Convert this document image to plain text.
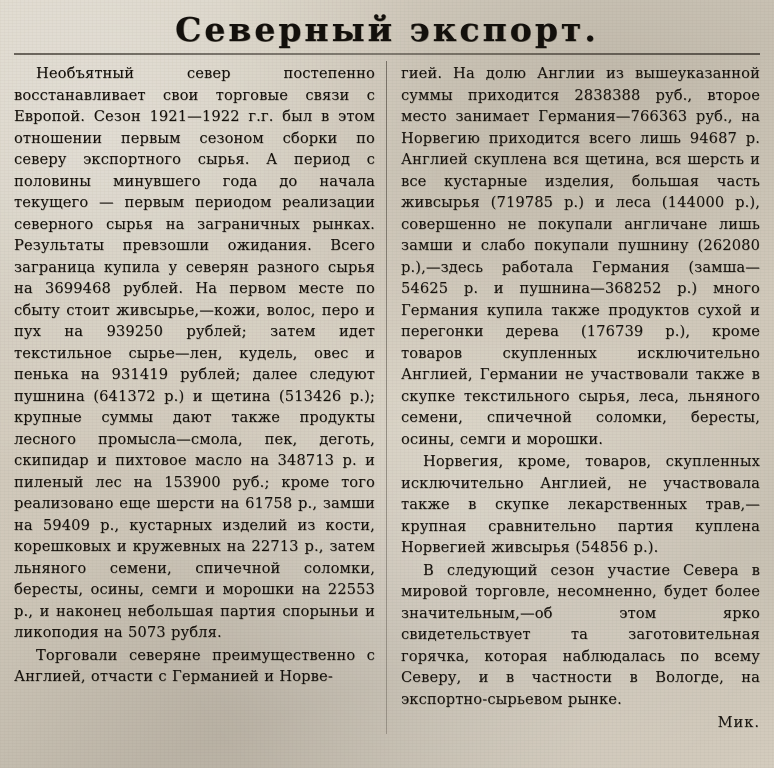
Северный экспорт.

Необъятный север постепенно восстанавливает свои торговые связи с Европой. Сезон 1921—1922 г.г. был в этом отношении первым сезоном сборки по северу экспортного сырья. А период с половины минувшего года до начала текущего — первым периодом реализации северного сырья на заграничных рынках. Результаты превзошли ожидания. Всего заграница купила у северян разного сырья на 3699468 рублей. На первом месте по сбыту стоит живсырье,—кожи, волос, перо и пух на 939250 рублей; затем идет текстильное сырье—лен, кудель, овес и пенька на 931419 рублей; далее следуют пушнина (641372 р.) и щетина (513426 р.); крупные суммы дают также продукты лесного промысла—смола, пек, деготь, скипидар и пихтовое масло на 348713 р. и пиленый лес на 153900 руб.; кроме того реализовано еще шерсти на 61758 р., замши на 59409 р., кустарных изделий из кости, корешковых и кружевных на 22713 р., затем льняного семени, спичечной соломки, бересты, осины, семги и морошки на 22553 р., и наконец небольшая партия спорыньи и ликоподия на 5073 рубля.

Торговали северяне преимущественно с Англией, отчасти с Германией и Норве-

гией. На долю Англии из вышеуказанной суммы приходится 2838388 руб., второе место занимает Германия—766363 руб., на Норвегию приходится всего лишь 94687 р. Англией скуплена вся щетина, вся шерсть и все кустарные изделия, большая часть живсырья (719785 р.) и леса (144000 р.), совершенно не покупали англичане лишь замши и слабо покупали пушнину (262080 р.),—здесь работала Германия (замша—54625 р. и пушнина—368252 р.) много Германия купила также продуктов сухой и перегонки дерева (176739 р.), кроме товаров скупленных исключительно Англией, Германии не участвовали также в скупке текстильного сырья, леса, льняного семени, спичечной соломки, бересты, осины, семги и морошки.

Норвегия, кроме, товаров, скупленных исключительно Англией, не участвовала также в скупке лекарственных трав,—крупная сравнительно партия куплена Норвегией живсырья (54856 р.).

В следующий сезон участие Севера в мировой торговле, несомненно, будет более значительным,—об этом ярко свидетельствует та заготовительная горячка, которая наблюдалась по всему Северу, и в частности в Вологде, на экспортно-сырьевом рынке.

Мик.
